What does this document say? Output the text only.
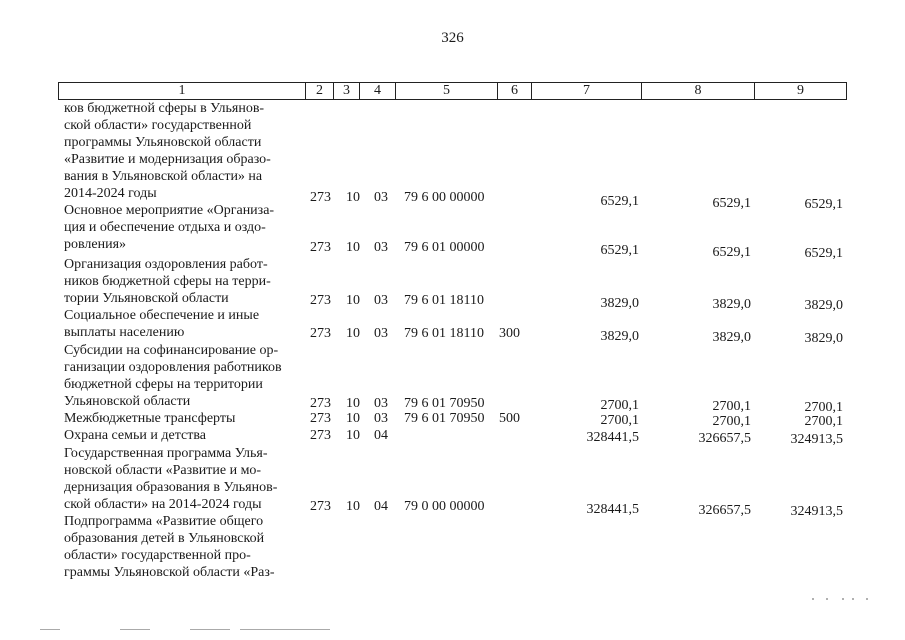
326
1	2	3	4	5	6	7	8	9
ков бюджетной сферы в Ульянов-
ской области» государственной
программы Ульяновской области
«Развитие и модернизация образо-
вания в Ульяновской области» на
2014-2024 годы	273 10 03 79 6 00 00000	6529,1	6529,1	6529,1
Основное мероприятие «Организа-
ция и обеспечение отдыха и оздо-
ровления»	273 10 03 79 6 01 00000	6529,1	6529,1	6529,1
Организация оздоровления работ-
ников бюджетной сферы на терри-
тории Ульяновской области	273 10 03 79 6 01 18110	3829,0	3829,0	3829,0
Социальное обеспечение и иные
выплаты населению	273 10 03 79 6 01 18110 300	3829,0	3829,0	3829,0
Субсидии на софинансирование ор-
ганизации оздоровления работников
бюджетной сферы на территории
Ульяновской области	273 10 03 79 6 01 70950	2700,1	2700,1	2700,1
Межбюджетные трансферты	273 10 03 79 6 01 70950 500	2700,1	2700,1	2700,1
Охрана семьи и детства	273 10 04	328441,5	326657,5	324913,5
Государственная программа Улья-
новской области «Развитие и мо-
дернизация образования в Ульянов-
ской области» на 2014-2024 годы	273 10 04 79 0 00 00000	328441,5	326657,5	324913,5
Подпрограмма «Развитие общего
образования детей в Ульяновской
области» государственной про-
граммы Ульяновской области «Раз-
